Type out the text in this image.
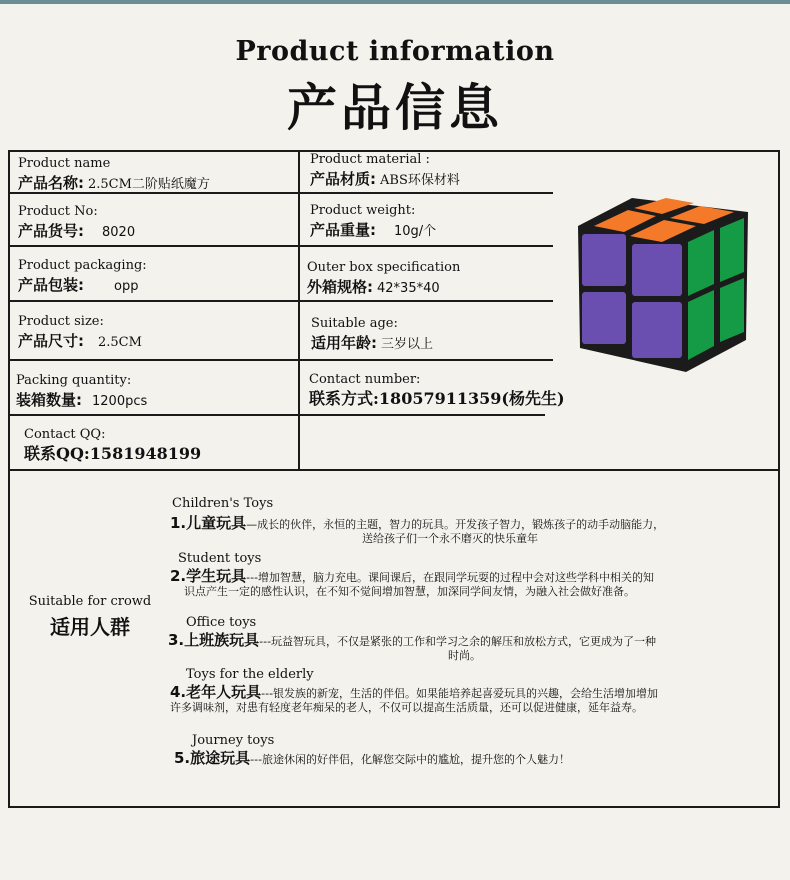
Product information
产品信息
Product name
产品名称: 2.5CM二阶贴纸魔方
Product material :
产品材质: ABS环保材料
Product No:
产品货号: 8020
Product weight:
产品重量: 10g/个
Product packaging:
产品包装: opp
Outer box specification
外箱规格: 42*35*40
Product size:
产品尺寸: 2.5CM
Suitable age:
适用年龄: 三岁以上
Packing quantity:
装箱数量: 1200pcs
Contact number:
联系方式:18057911359(杨先生)
Contact QQ:
联系QQ:1581948199
Suitable for crowd
适用人群
Children's Toys
1.儿童玩具—成长的伙伴，永恒的主题，智力的玩具。开发孩子智力，锻炼孩子的动手动脑能力，
送给孩子们一个永不磨灭的快乐童年
Student toys
2.学生玩具---增加智慧，脑力充电。课间课后，在跟同学玩耍的过程中会对这些学科中相关的知
识点产生一定的感性认识，在不知不觉间增加智慧，加深同学间友情，为融入社会做好准备。
Office toys
3.上班族玩具---玩益智玩具，不仅是紧张的工作和学习之余的解压和放松方式，它更成为了一种
时尚。
Toys for the elderly
4.老年人玩具---银发族的新宠，生活的伴侣。如果能培养起喜爱玩具的兴趣，会给生活增加增加
许多调味剂，对患有轻度老年痴呆的老人，不仅可以提高生活质量，还可以促进健康，延年益寿。
Journey toys
5.旅途玩具---旅途休闲的好伴侣，化解您交际中的尴尬，提升您的个人魅力！
